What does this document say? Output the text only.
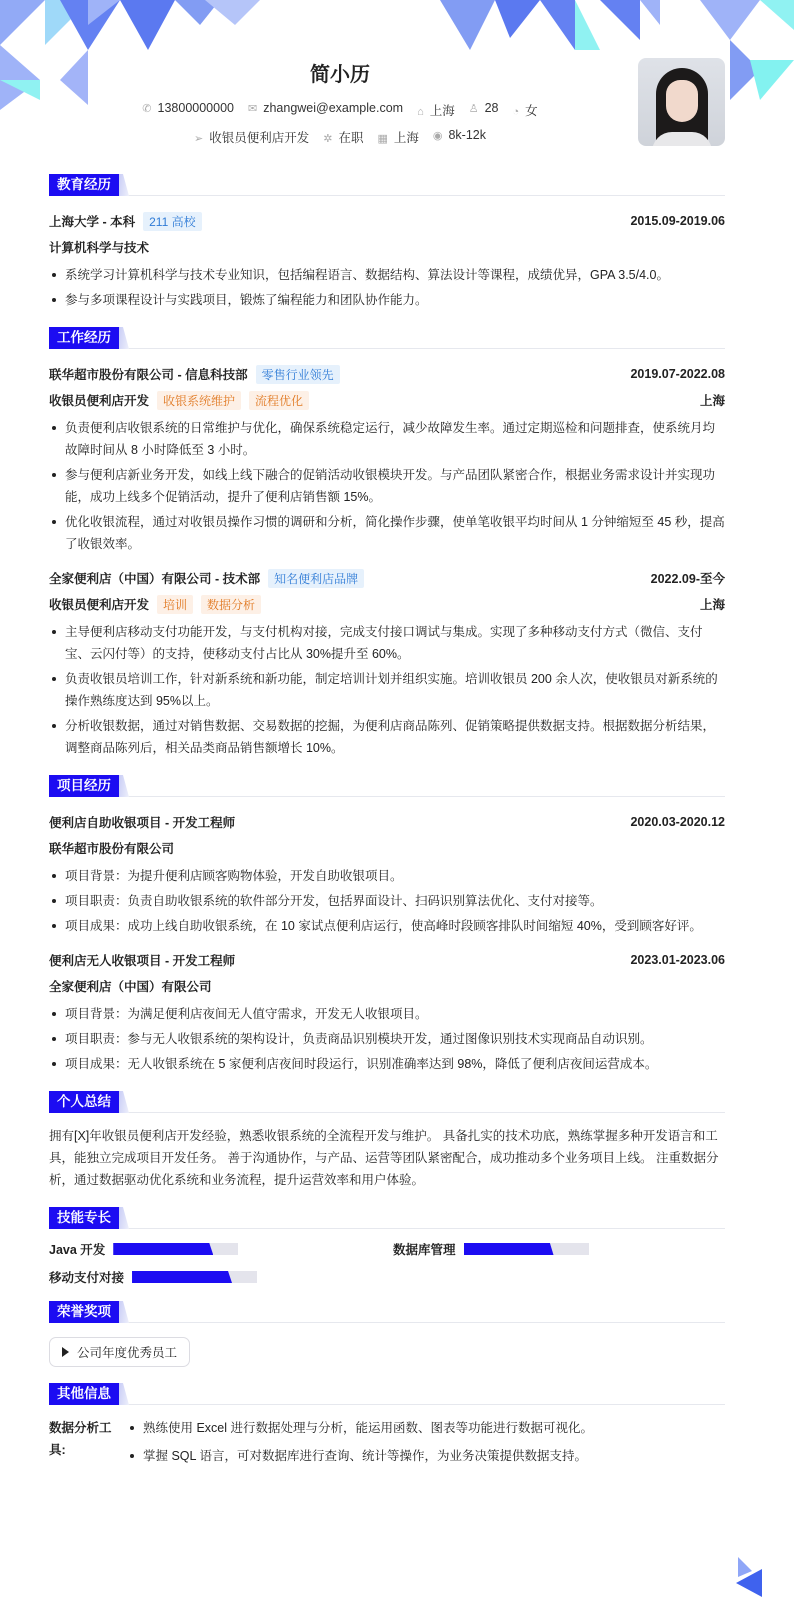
简小历
✆ 13800000000 ✉ zhangwei@example.com ⌂ 上海 ♙ 28 ◔ 女
➢ 收银员便利店开发 ✲ 在职 ▦ 上海 ◉ 8k-12k
教育经历
上海大学 - 本科	211 高校	2015.09-2019.06
计算机科学与技术
系统学习计算机科学与技术专业知识，包括编程语言、数据结构、算法设计等课程，成绩优异，GPA 3.5/4.0。
参与多项课程设计与实践项目，锻炼了编程能力和团队协作能力。
工作经历
联华超市股份有限公司 - 信息科技部	零售行业领先	2019.07-2022.08
收银员便利店开发	收银系统维护	流程优化	上海
负责便利店收银系统的日常维护与优化，确保系统稳定运行，减少故障发生率。通过定期巡检和问题排查，使系统月均故障时间从 8 小时降低至 3 小时。
参与便利店新业务开发，如线上线下融合的促销活动收银模块开发。与产品团队紧密合作，根据业务需求设计并实现功能，成功上线多个促销活动，提升了便利店销售额 15%。
优化收银流程，通过对收银员操作习惯的调研和分析，简化操作步骤，使单笔收银平均时间从 1 分钟缩短至 45 秒，提高了收银效率。
全家便利店（中国）有限公司 - 技术部	知名便利店品牌	2022.09-至今
收银员便利店开发	培训	数据分析	上海
主导便利店移动支付功能开发，与支付机构对接，完成支付接口调试与集成。实现了多种移动支付方式（微信、支付宝、云闪付等）的支持，使移动支付占比从 30%提升至 60%。
负责收银员培训工作，针对新系统和新功能，制定培训计划并组织实施。培训收银员 200 余人次，使收银员对新系统的操作熟练度达到 95%以上。
分析收银数据，通过对销售数据、交易数据的挖掘，为便利店商品陈列、促销策略提供数据支持。根据数据分析结果，调整商品陈列后，相关品类商品销售额增长 10%。
项目经历
便利店自助收银项目 - 开发工程师	2020.03-2020.12
联华超市股份有限公司
项目背景：为提升便利店顾客购物体验，开发自助收银项目。
项目职责：负责自助收银系统的软件部分开发，包括界面设计、扫码识别算法优化、支付对接等。
项目成果：成功上线自助收银系统，在 10 家试点便利店运行，使高峰时段顾客排队时间缩短 40%，受到顾客好评。
便利店无人收银项目 - 开发工程师	2023.01-2023.06
全家便利店（中国）有限公司
项目背景：为满足便利店夜间无人值守需求，开发无人收银项目。
项目职责：参与无人收银系统的架构设计，负责商品识别模块开发，通过图像识别技术实现商品自动识别。
项目成果：无人收银系统在 5 家便利店夜间时段运行，识别准确率达到 98%，降低了便利店夜间运营成本。
个人总结

拥有[X]年收银员便利店开发经验，熟悉收银系统的全流程开发与维护。 具备扎实的技术功底，熟练掌握多种开发语言和工具，能独立完成项目开发任务。 善于沟通协作，与产品、运营等团队紧密配合，成功推动多个业务项目上线。 注重数据分析，通过数据驱动优化系统和业务流程，提升运营效率和用户体验。

技能专长
Java 开发	数据库管理
移动支付对接
荣誉奖项
公司年度优秀员工
其他信息
数据分析工具:
熟练使用 Excel 进行数据处理与分析，能运用函数、图表等功能进行数据可视化。
掌握 SQL 语言，可对数据库进行查询、统计等操作，为业务决策提供数据支持。
